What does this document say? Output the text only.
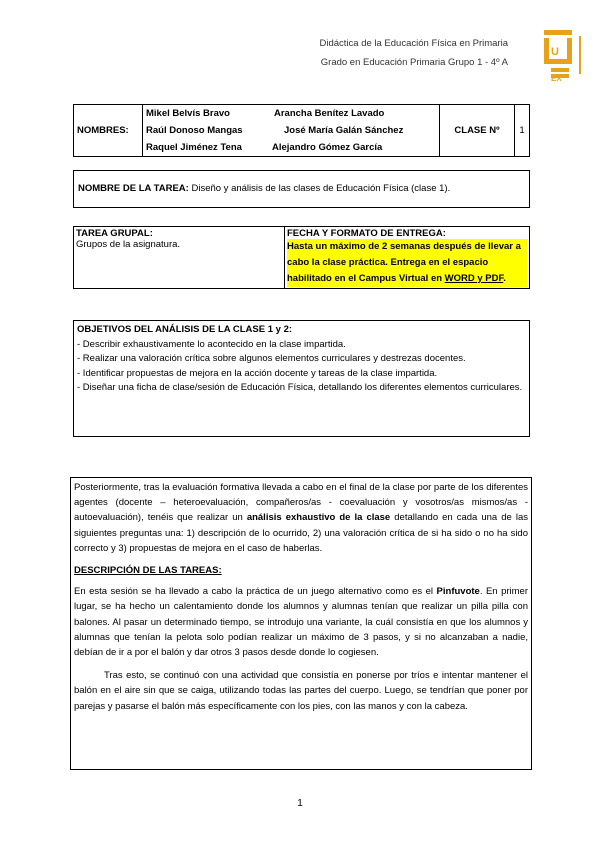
Didáctica de la Educación Física en Primaria
Grado en Educación Primaria Grupo 1 - 4º A
U
EX
NOMBRES:	
Mikel Belvís Bravo	Arancha Benítez Lavado
Raúl Donoso Mangas	José María Galán Sánchez
Raquel Jiménez Tena	Alejandro Gómez García
	CLASE Nº	1
NOMBRE DE LA TAREA: Diseño y análisis de las clases de Educación Física (clase 1).
TAREA GRUPAL:
Grupos de la asignatura.

FECHA Y FORMATO DE ENTREGA:
Hasta un máximo de 2 semanas después de llevar a cabo la clase práctica. Entrega en el espacio habilitado en el Campus Virtual en WORD y PDF.
OBJETIVOS DEL ANÁLISIS DE LA CLASE 1 y 2:
- Describir exhaustivamente lo acontecido en la clase impartida.
- Realizar una valoración crítica sobre algunos elementos curriculares y destrezas docentes.
- Identificar propuestas de mejora en la acción docente y tareas de la clase impartida.
- Diseñar una ficha de clase/sesión de Educación Física, detallando los diferentes elementos curriculares.

Posteriormente, tras la evaluación formativa llevada a cabo en el final de la clase por parte de los diferentes agentes (docente – heteroevaluación, compañeros/as - coevaluación y vosotros/as mismos/as - autoevaluación), tenéis que realizar un análisis exhaustivo de la clase detallando en cada una de las siguientes preguntas una: 1) descripción de lo ocurrido, 2) una valoración crítica de si ha sido o no ha sido correcto y 3) propuestas de mejora en el caso de haberlas.

DESCRIPCIÓN DE LAS TAREAS:

En esta sesión se ha llevado a cabo la práctica de un juego alternativo como es el Pinfuvote. En primer lugar, se ha hecho un calentamiento donde los alumnos y alumnas tenían que realizar un pilla pilla con balones. Al pasar un determinado tiempo, se introdujo una variante, la cuál consistía en que los alumnos y alumnas que tenían la pelota solo podían realizar un máximo de 3 pasos, y si no alcanzaban a nadie, debían de ir a por el balón y dar otros 3 pasos desde donde lo cogiesen.

Tras esto, se continuó con una actividad que consistía en ponerse por tríos e intentar mantener el balón en el aire sin que se caiga, utilizando todas las partes del cuerpo. Luego, se tendrían que poner por parejas y pasarse el balón más específicamente con los pies, con las manos y con la cabeza.

1
